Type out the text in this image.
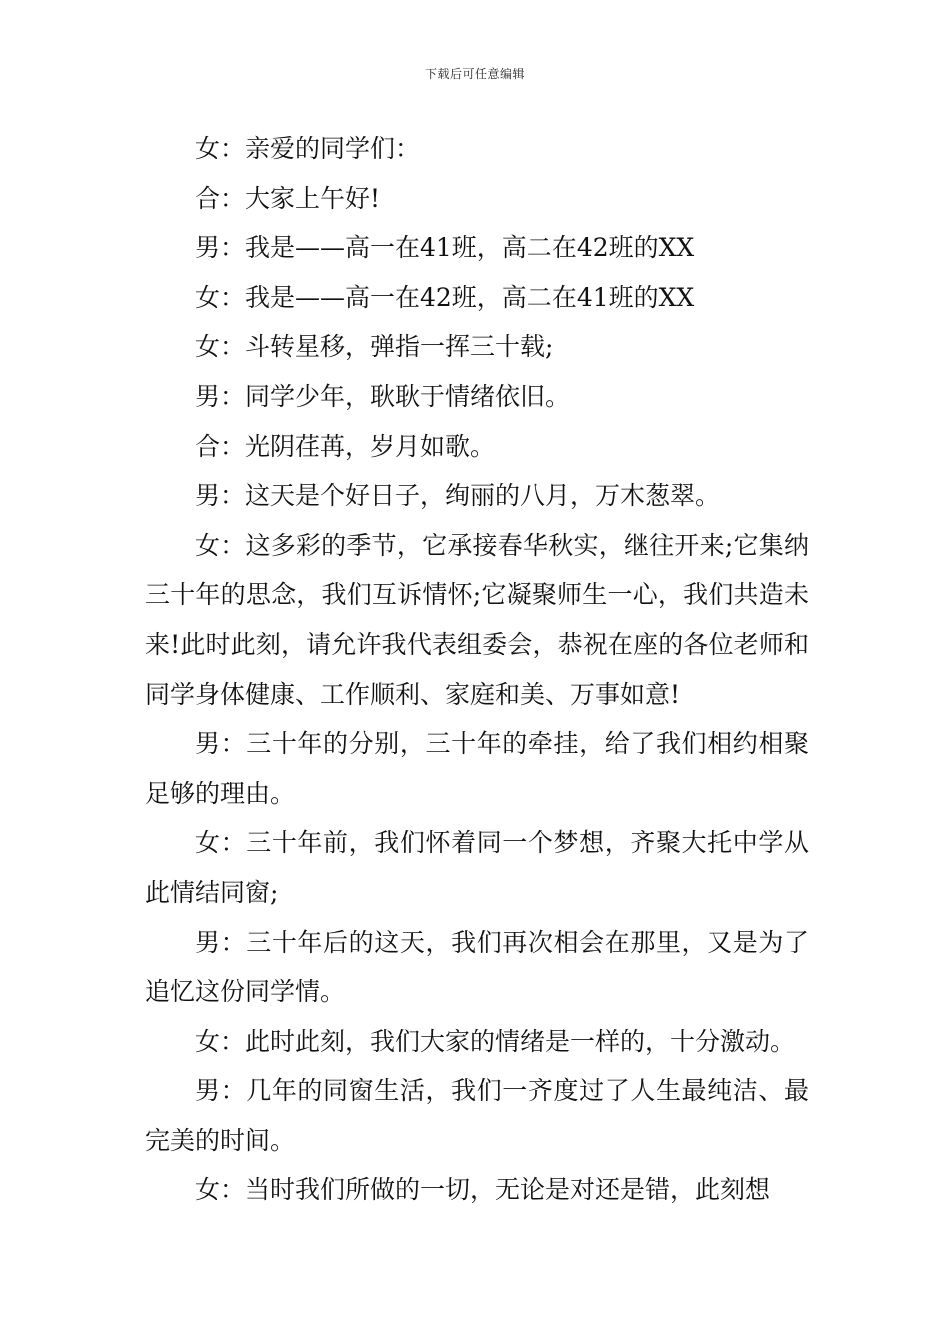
下载后可任意编辑

女：亲爱的同学们：

合：大家上午好!

男：我是——高一在41班，高二在42班的XX

女：我是——高一在42班，高二在41班的XX

女：斗转星移，弹指一挥三十载;

男：同学少年，耿耿于情绪依旧。

合：光阴荏苒，岁月如歌。

男：这天是个好日子，绚丽的八月，万木葱翠。

女：这多彩的季节，它承接春华秋实，继往开来;它集纳三十年的思念，我们互诉情怀;它凝聚师生一心，我们共造未来!此时此刻，请允许我代表组委会，恭祝在座的各位老师和同学身体健康、工作顺利、家庭和美、万事如意!

男：三十年的分别，三十年的牵挂，给了我们相约相聚足够的理由。

女：三十年前，我们怀着同一个梦想，齐聚大托中学从此情结同窗;

男：三十年后的这天，我们再次相会在那里，又是为了追忆这份同学情。

女：此时此刻，我们大家的情绪是一样的，十分激动。

男：几年的同窗生活，我们一齐度过了人生最纯洁、最完美的时间。

女：当时我们所做的一切，无论是对还是错，此刻想
